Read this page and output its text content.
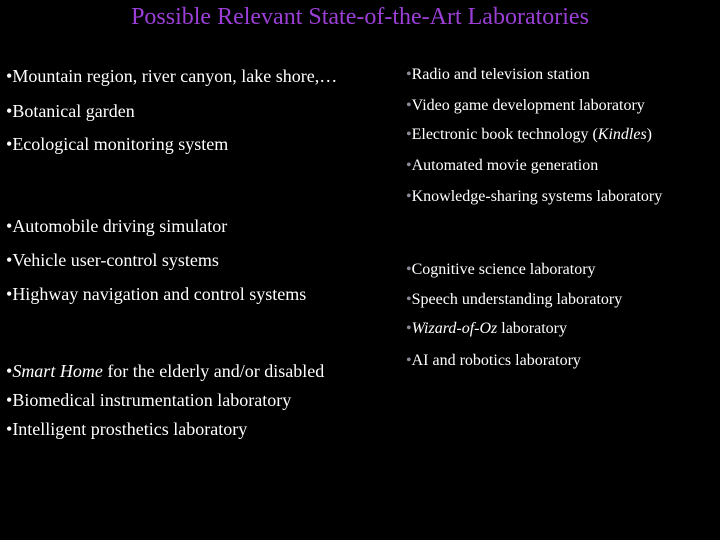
Possible Relevant State-of-the-Art Laboratories
•Mountain region, river canyon, lake shore,…
•Botanical garden
•Ecological monitoring system
•Automobile driving simulator
•Vehicle user-control systems
•Highway navigation and control systems
•Smart Home for the elderly and/or disabled
•Biomedical instrumentation laboratory
•Intelligent prosthetics laboratory
•Radio and television station
•Video game development laboratory
•Electronic book technology (Kindles)
•Automated movie generation
•Knowledge-sharing systems laboratory
•Cognitive science laboratory
•Speech understanding laboratory
•Wizard-of-Oz laboratory
•AI and robotics laboratory
